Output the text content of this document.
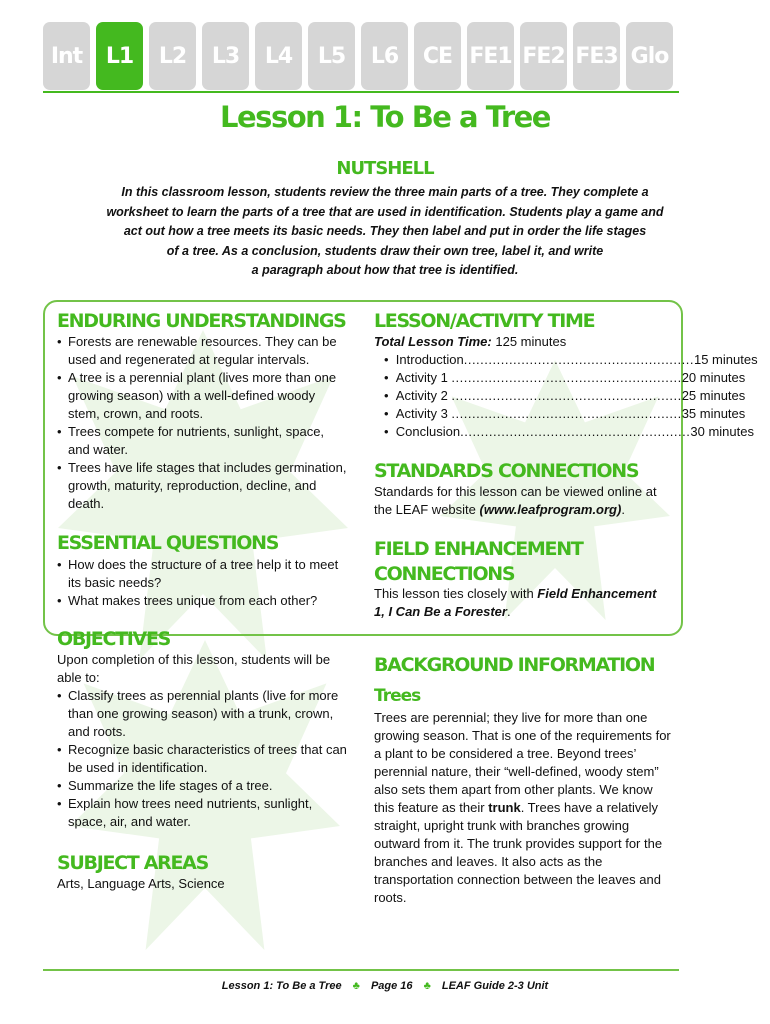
Int	L1	L2	L3	L4	L5	L6	CE FE1 FE2 FE3 Glo
Lesson 1: To Be a Tree
NUTSHELL
In this classroom lesson, students review the three main parts of a tree. They complete a
worksheet to learn the parts of a tree that are used in identification. Students play a game and
act out how a tree meets its basic needs. They then label and put in order the life stages
of a tree. As a conclusion, students draw their own tree, label it, and write
a paragraph about how that tree is identified.
ENDURING UNDERSTANDINGS
• Forests are renewable resources. They can be used and regenerated at regular intervals.
• A tree is a perennial plant (lives more than one growing season) with a well-defined woody stem, crown, and roots.
• Trees compete for nutrients, sunlight, space, and water.
• Trees have life stages that includes germination, growth, maturity, reproduction, decline, and death.
ESSENTIAL QUESTIONS
• How does the structure of a tree help it to meet its basic needs?
• What makes trees unique from each other?
OBJECTIVES
Upon completion of this lesson, students will be able to:
• Classify trees as perennial plants (live for more than one growing season) with a trunk, crown, and roots.
• Recognize basic characteristics of trees that can be used in identification.
• Summarize the life stages of a tree.
• Explain how trees need nutrients, sunlight, space, air, and water.
SUBJECT AREAS
Arts, Language Arts, Science
LESSON/ACTIVITY TIME
Total Lesson Time: 125 minutes
•  Introduction ........................................................ 15 minutes
•  Activity 1 ........................................................ 20 minutes
•  Activity 2 ........................................................ 25 minutes
•  Activity 3 ........................................................ 35 minutes
•  Conclusion ........................................................ 30 minutes
STANDARDS CONNECTIONS
Standards for this lesson can be viewed online at the LEAF website (www.leafprogram.org).
FIELD ENHANCEMENT
CONNECTIONS
This lesson ties closely with Field Enhancement 1, I Can Be a Forester.
BACKGROUND INFORMATION
Trees
Trees are perennial; they live for more than one growing season. That is one of the requirements for a plant to be considered a tree. Beyond trees’ perennial nature, their “well-defined, woody stem” also sets them apart from other plants. We know this feature as their trunk. Trees have a relatively straight, upright trunk with branches growing outward from it. The trunk provides support for the branches and leaves. It also acts as the transportation connection between the leaves and roots.
Lesson 1: To Be a Tree ♣ Page 16 ♣ LEAF Guide 2-3 Unit
